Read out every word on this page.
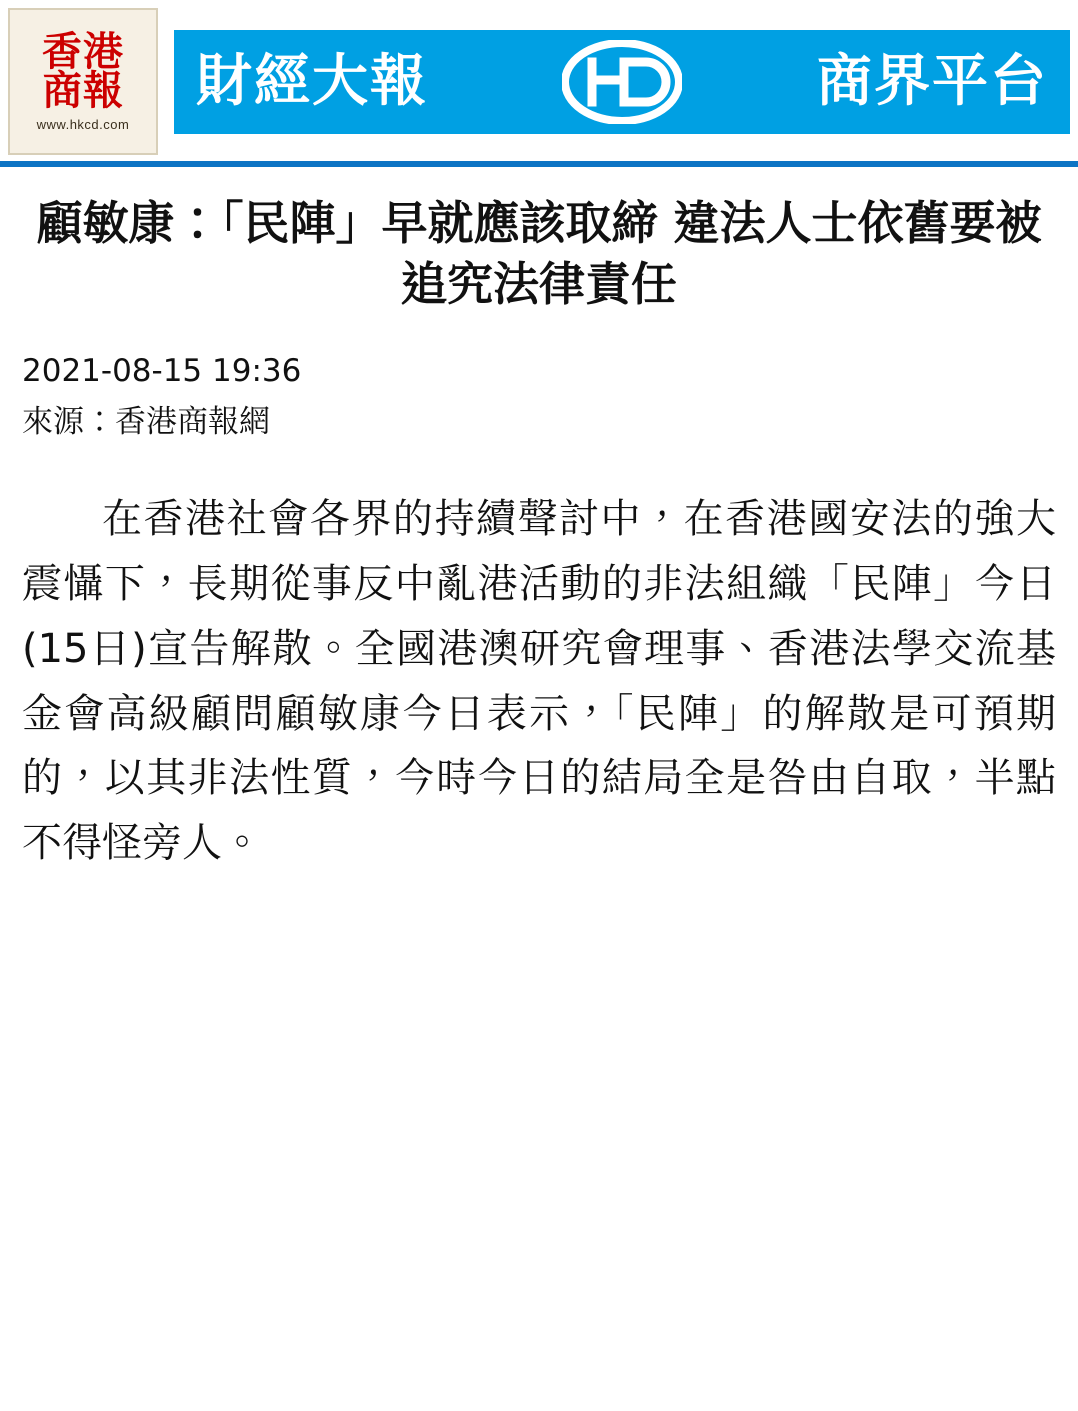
香港
商報
www.hkcd.com
財經大報	商界平台
顧敏康：「民陣」早就應該取締 違法人士依舊要被追究法律責任
2021-08-15 19:36
來源：香港商報網

在香港社會各界的持續聲討中，在香港國安法的強大震懾下，長期從事反中亂港活動的非法組織「民陣」今日(15日)宣告解散。全國港澳研究會理事、香港法學交流基金會高級顧問顧敏康今日表示，「民陣」的解散是可預期的，以其非法性質，今時今日的結局全是咎由自取，半點不得怪旁人。
